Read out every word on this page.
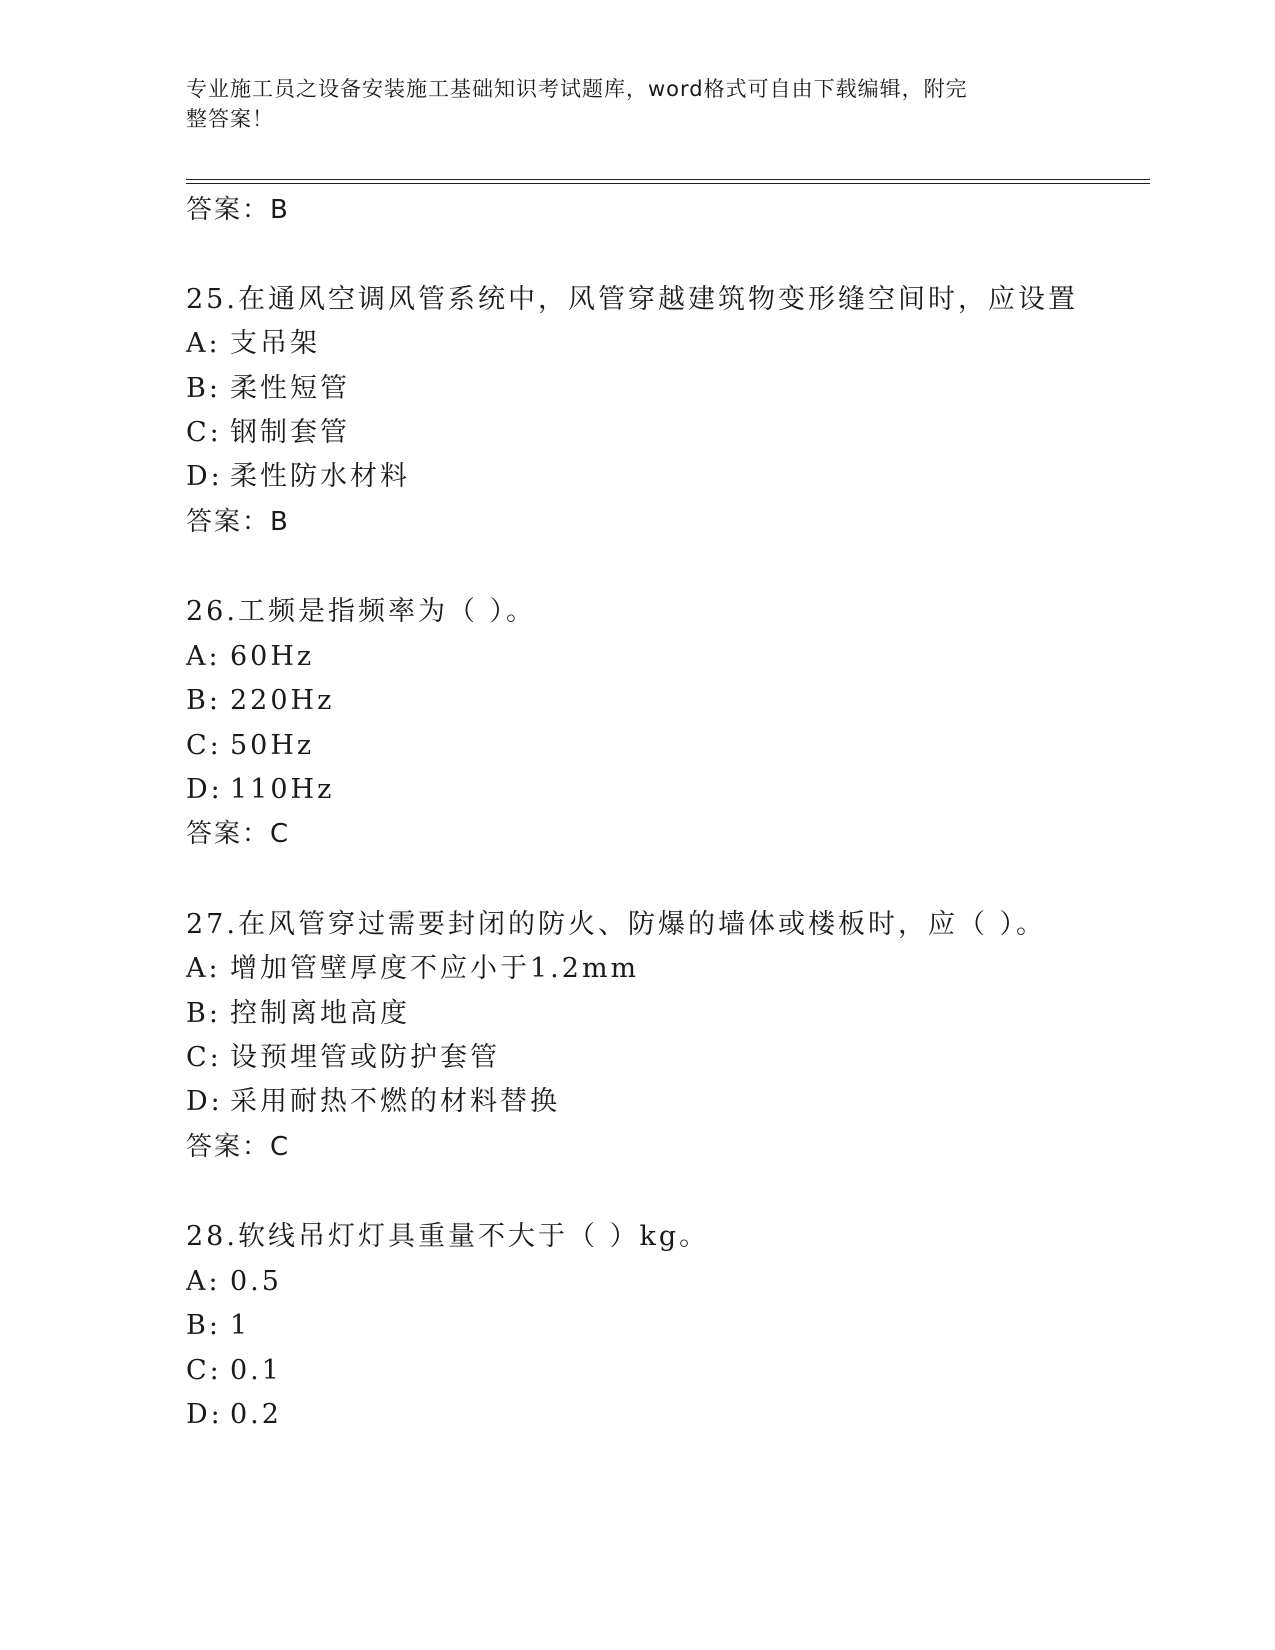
专业施工员之设备安装施工基础知识考试题库，word格式可自由下载编辑，附完
整答案！
答案：B
25.在通风空调风管系统中，风管穿越建筑物变形缝空间时，应设置
A: 支吊架
B: 柔性短管
C: 钢制套管
D: 柔性防水材料
答案：B
26.工频是指频率为（ ）。
A: 60Hz
B: 220Hz
C: 50Hz
D: 110Hz
答案：C
27.在风管穿过需要封闭的防火、防爆的墙体或楼板时，应（ ）。
A: 增加管壁厚度不应小于1.2mm
B: 控制离地高度
C: 设预埋管或防护套管
D: 采用耐热不燃的材料替换
答案：C
28.软线吊灯灯具重量不大于（ ）kg。
A: 0.5
B: 1
C: 0.1
D: 0.2
